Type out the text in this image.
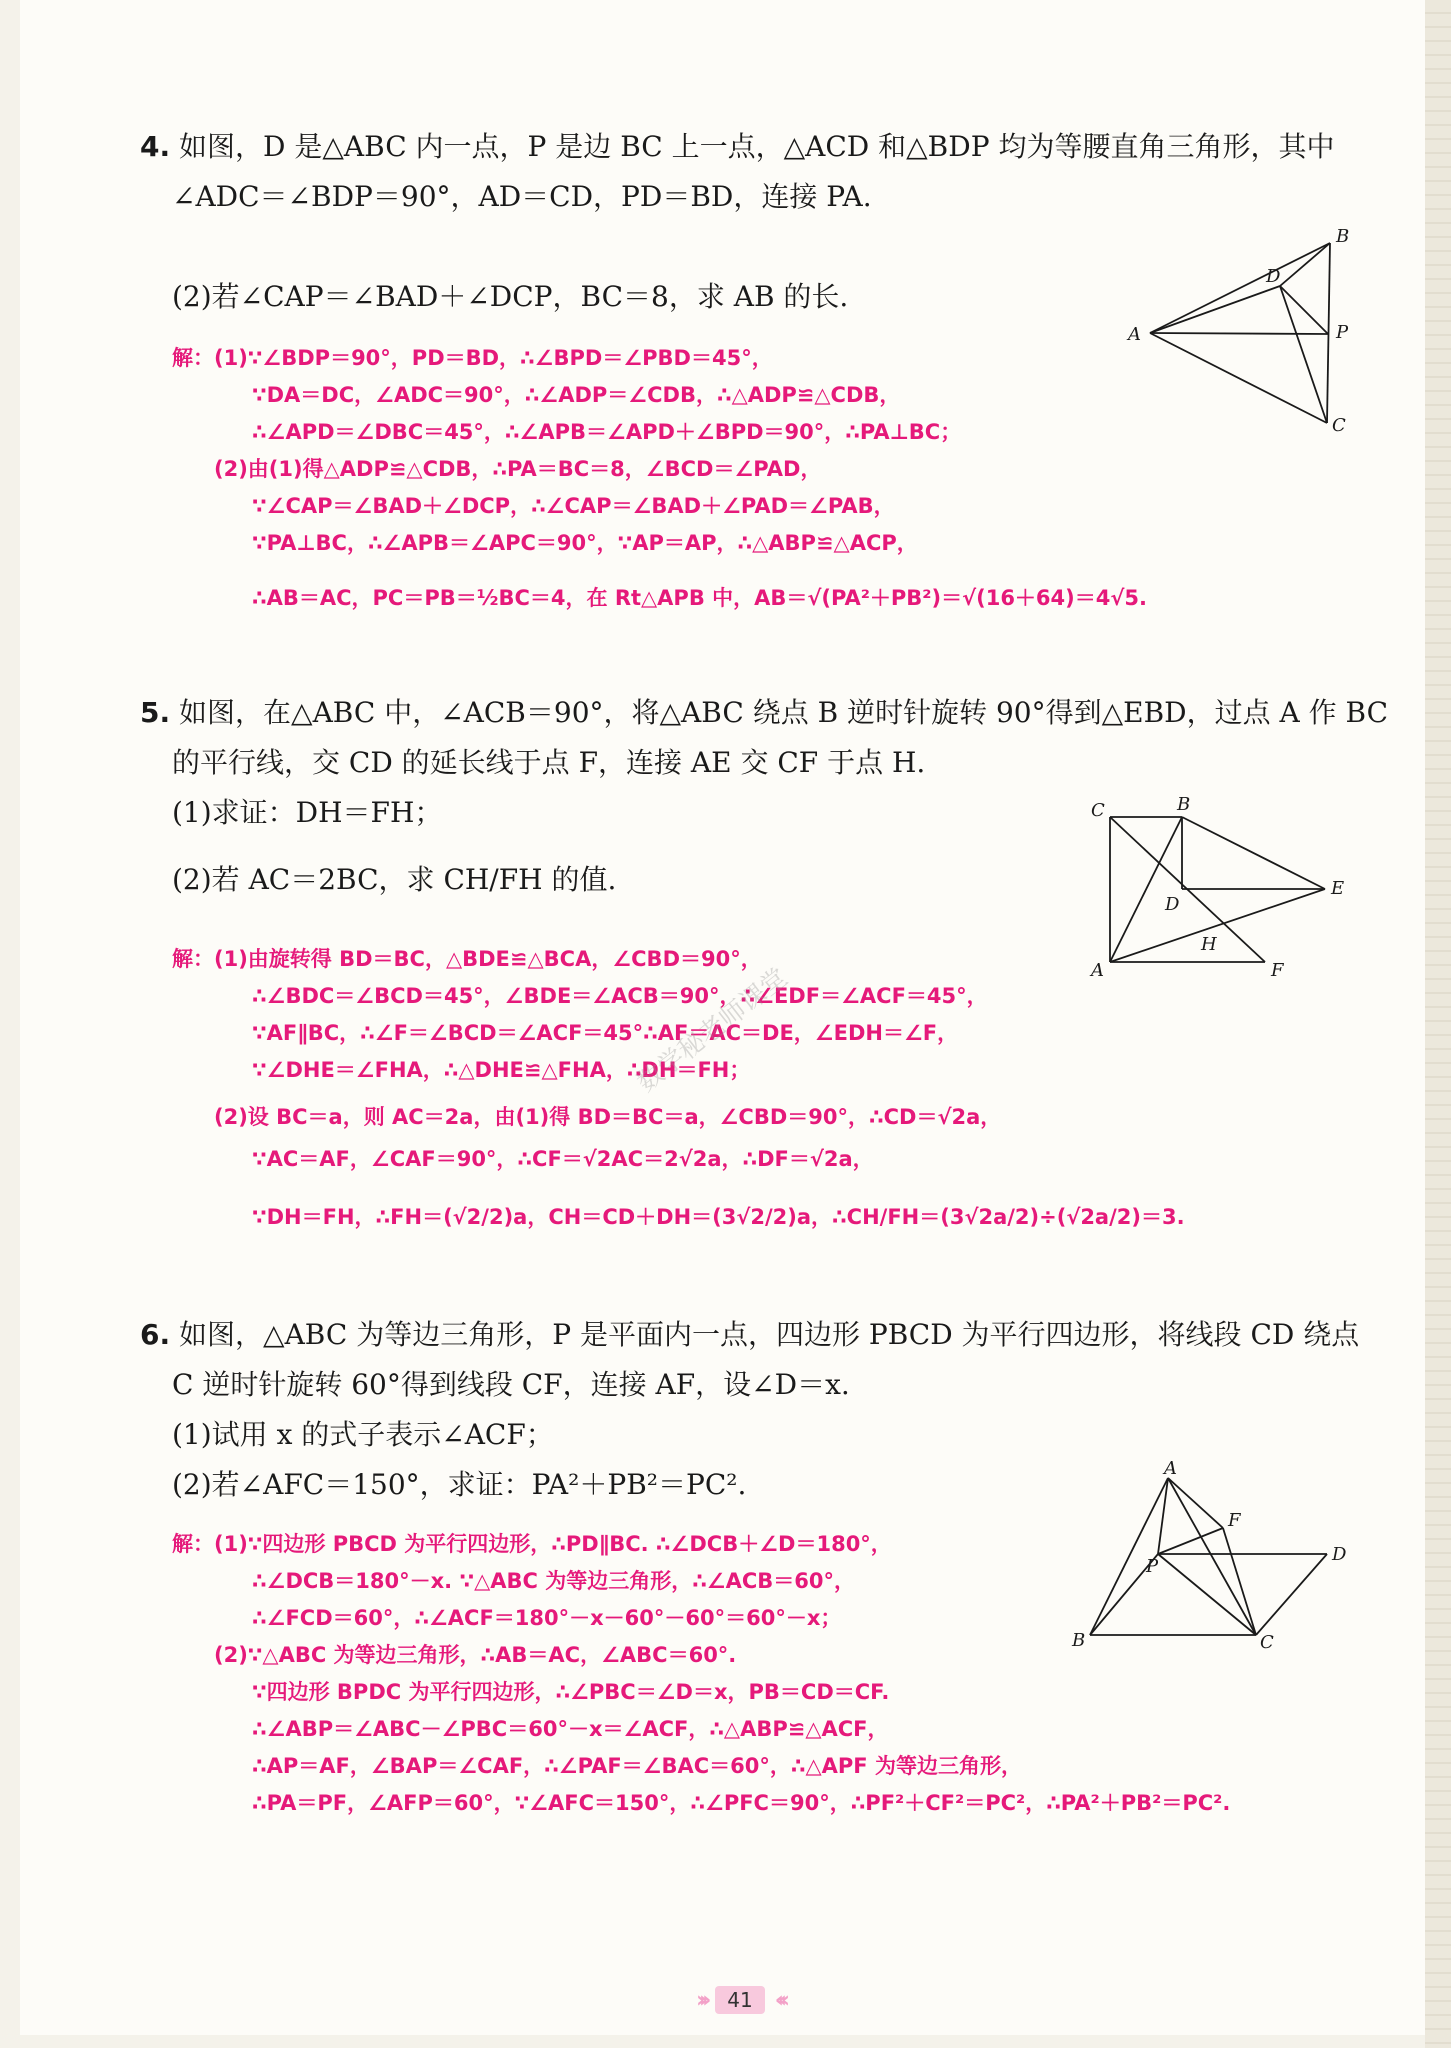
4. 如图，D 是△ABC 内一点，P 是边 BC 上一点，△ACD 和△BDP 均为等腰直角三角形，其中
∠ADC＝∠BDP＝90°，AD＝CD，PD＝BD，连接 PA.
(2)若∠CAP＝∠BAD＋∠DCP，BC＝8，求 AB 的长.
解：(1)∵∠BDP＝90°，PD＝BD，∴∠BPD＝∠PBD＝45°，
∵DA＝DC，∠ADC＝90°，∴∠ADP＝∠CDB，∴△ADP≌△CDB，
∴∠APD＝∠DBC＝45°，∴∠APB＝∠APD＋∠BPD＝90°，∴PA⊥BC；
(2)由(1)得△ADP≌△CDB，∴PA＝BC＝8，∠BCD＝∠PAD，
∵∠CAP＝∠BAD＋∠DCP，∴∠CAP＝∠BAD＋∠PAD＝∠PAB，
∵PA⊥BC，∴∠APB＝∠APC＝90°，∵AP＝AP，∴△ABP≌△ACP，
∴AB＝AC，PC＝PB＝½BC＝4，在 Rt△APB 中，AB＝√(PA²＋PB²)＝√(16＋64)＝4√5.
A
B
C
D
P
5. 如图，在△ABC 中，∠ACB＝90°，将△ABC 绕点 B 逆时针旋转 90°得到△EBD，过点 A 作 BC
的平行线，交 CD 的延长线于点 F，连接 AE 交 CF 于点 H.
(1)求证：DH＝FH；
(2)若 AC＝2BC，求 CH/FH 的值.
解：(1)由旋转得 BD＝BC，△BDE≌△BCA，∠CBD＝90°，
∴∠BDC＝∠BCD＝45°，∠BDE＝∠ACB＝90°，∴∠EDF＝∠ACF＝45°，
∵AF∥BC，∴∠F＝∠BCD＝∠ACF＝45°∴AF＝AC＝DE，∠EDH＝∠F，
∵∠DHE＝∠FHA，∴△DHE≌△FHA，∴DH＝FH；
(2)设 BC＝a，则 AC＝2a，由(1)得 BD＝BC＝a，∠CBD＝90°，∴CD＝√2a，
∵AC＝AF，∠CAF＝90°，∴CF＝√2AC＝2√2a，∴DF＝√2a，
∵DH＝FH，∴FH＝(√2/2)a，CH＝CD＋DH＝(3√2/2)a，∴CH/FH＝(3√2a/2)÷(√2a/2)＝3.
数学秘老师课堂
C	B
A
D
E
F
H
6. 如图，△ABC 为等边三角形，P 是平面内一点，四边形 PBCD 为平行四边形，将线段 CD 绕点
C 逆时针旋转 60°得到线段 CF，连接 AF，设∠D＝x.
(1)试用 x 的式子表示∠ACF；
(2)若∠AFC＝150°，求证：PA²＋PB²＝PC².
解：(1)∵四边形 PBCD 为平行四边形，∴PD∥BC. ∴∠DCB＋∠D＝180°，
∴∠DCB＝180°－x. ∵△ABC 为等边三角形，∴∠ACB＝60°，
∴∠FCD＝60°，∴∠ACF＝180°－x－60°－60°＝60°－x；
(2)∵△ABC 为等边三角形，∴AB＝AC，∠ABC＝60°.
∵四边形 BPDC 为平行四边形，∴∠PBC＝∠D＝x，PB＝CD＝CF.
∴∠ABP＝∠ABC－∠PBC＝60°－x＝∠ACF，∴△ABP≌△ACF，
∴AP＝AF，∠BAP＝∠CAF，∴∠PAF＝∠BAC＝60°，∴△APF 为等边三角形，
∴PA＝PF，∠AFP＝60°，∵∠AFC＝150°，∴∠PFC＝90°，∴PF²＋CF²＝PC²，∴PA²＋PB²＝PC².
A
B	C
D
F
P
›››	41	‹‹‹
